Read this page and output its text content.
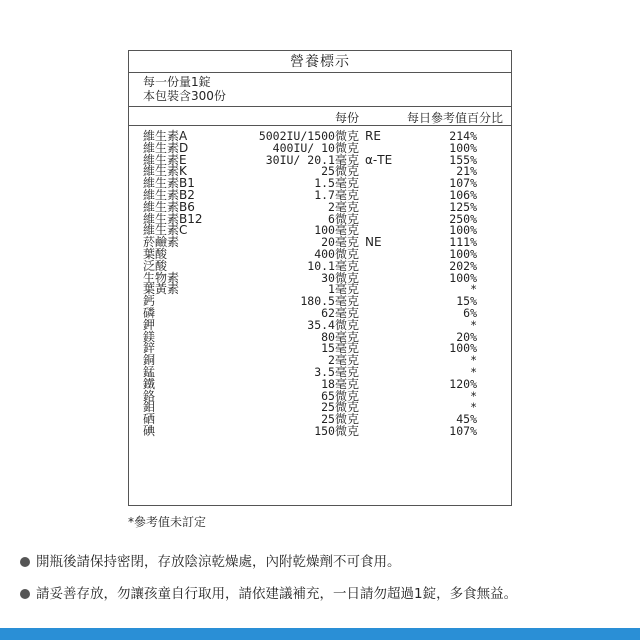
營養標示
每一份量1錠
本包裝含300份
每份	每日參考值百分比
維生素A	5002IU/1500微克 RE	214%
維生素D	400IU/ 10微克	100%
維生素E	30IU/ 20.1毫克 α-TE	155%
維生素K	25微克	21%
維生素B1	1.5毫克	107%
維生素B2	1.7毫克	106%
維生素B6	2毫克	125%
維生素B12	6微克	250%
維生素C	100毫克	100%
菸鹼素	20毫克 NE	111%
葉酸	400微克	100%
泛酸	10.1毫克	202%
生物素	30微克	100%
葉黃素	1毫克	*
鈣	180.5毫克	15%
磷	62毫克	6%
鉀	35.4微克	*
鎂	80毫克	20%
鋅	15毫克	100%
銅	2毫克	*
錳	3.5毫克	*
鐵	18毫克	120%
鉻	65微克	*
鉬	25微克	*
硒	25微克	45%
碘	150微克	107%
*參考值未訂定
開瓶後請保持密閉，存放陰涼乾燥處，內附乾燥劑不可食用。
請妥善存放，勿讓孩童自行取用，請依建議補充，一日請勿超過1錠，多食無益。
